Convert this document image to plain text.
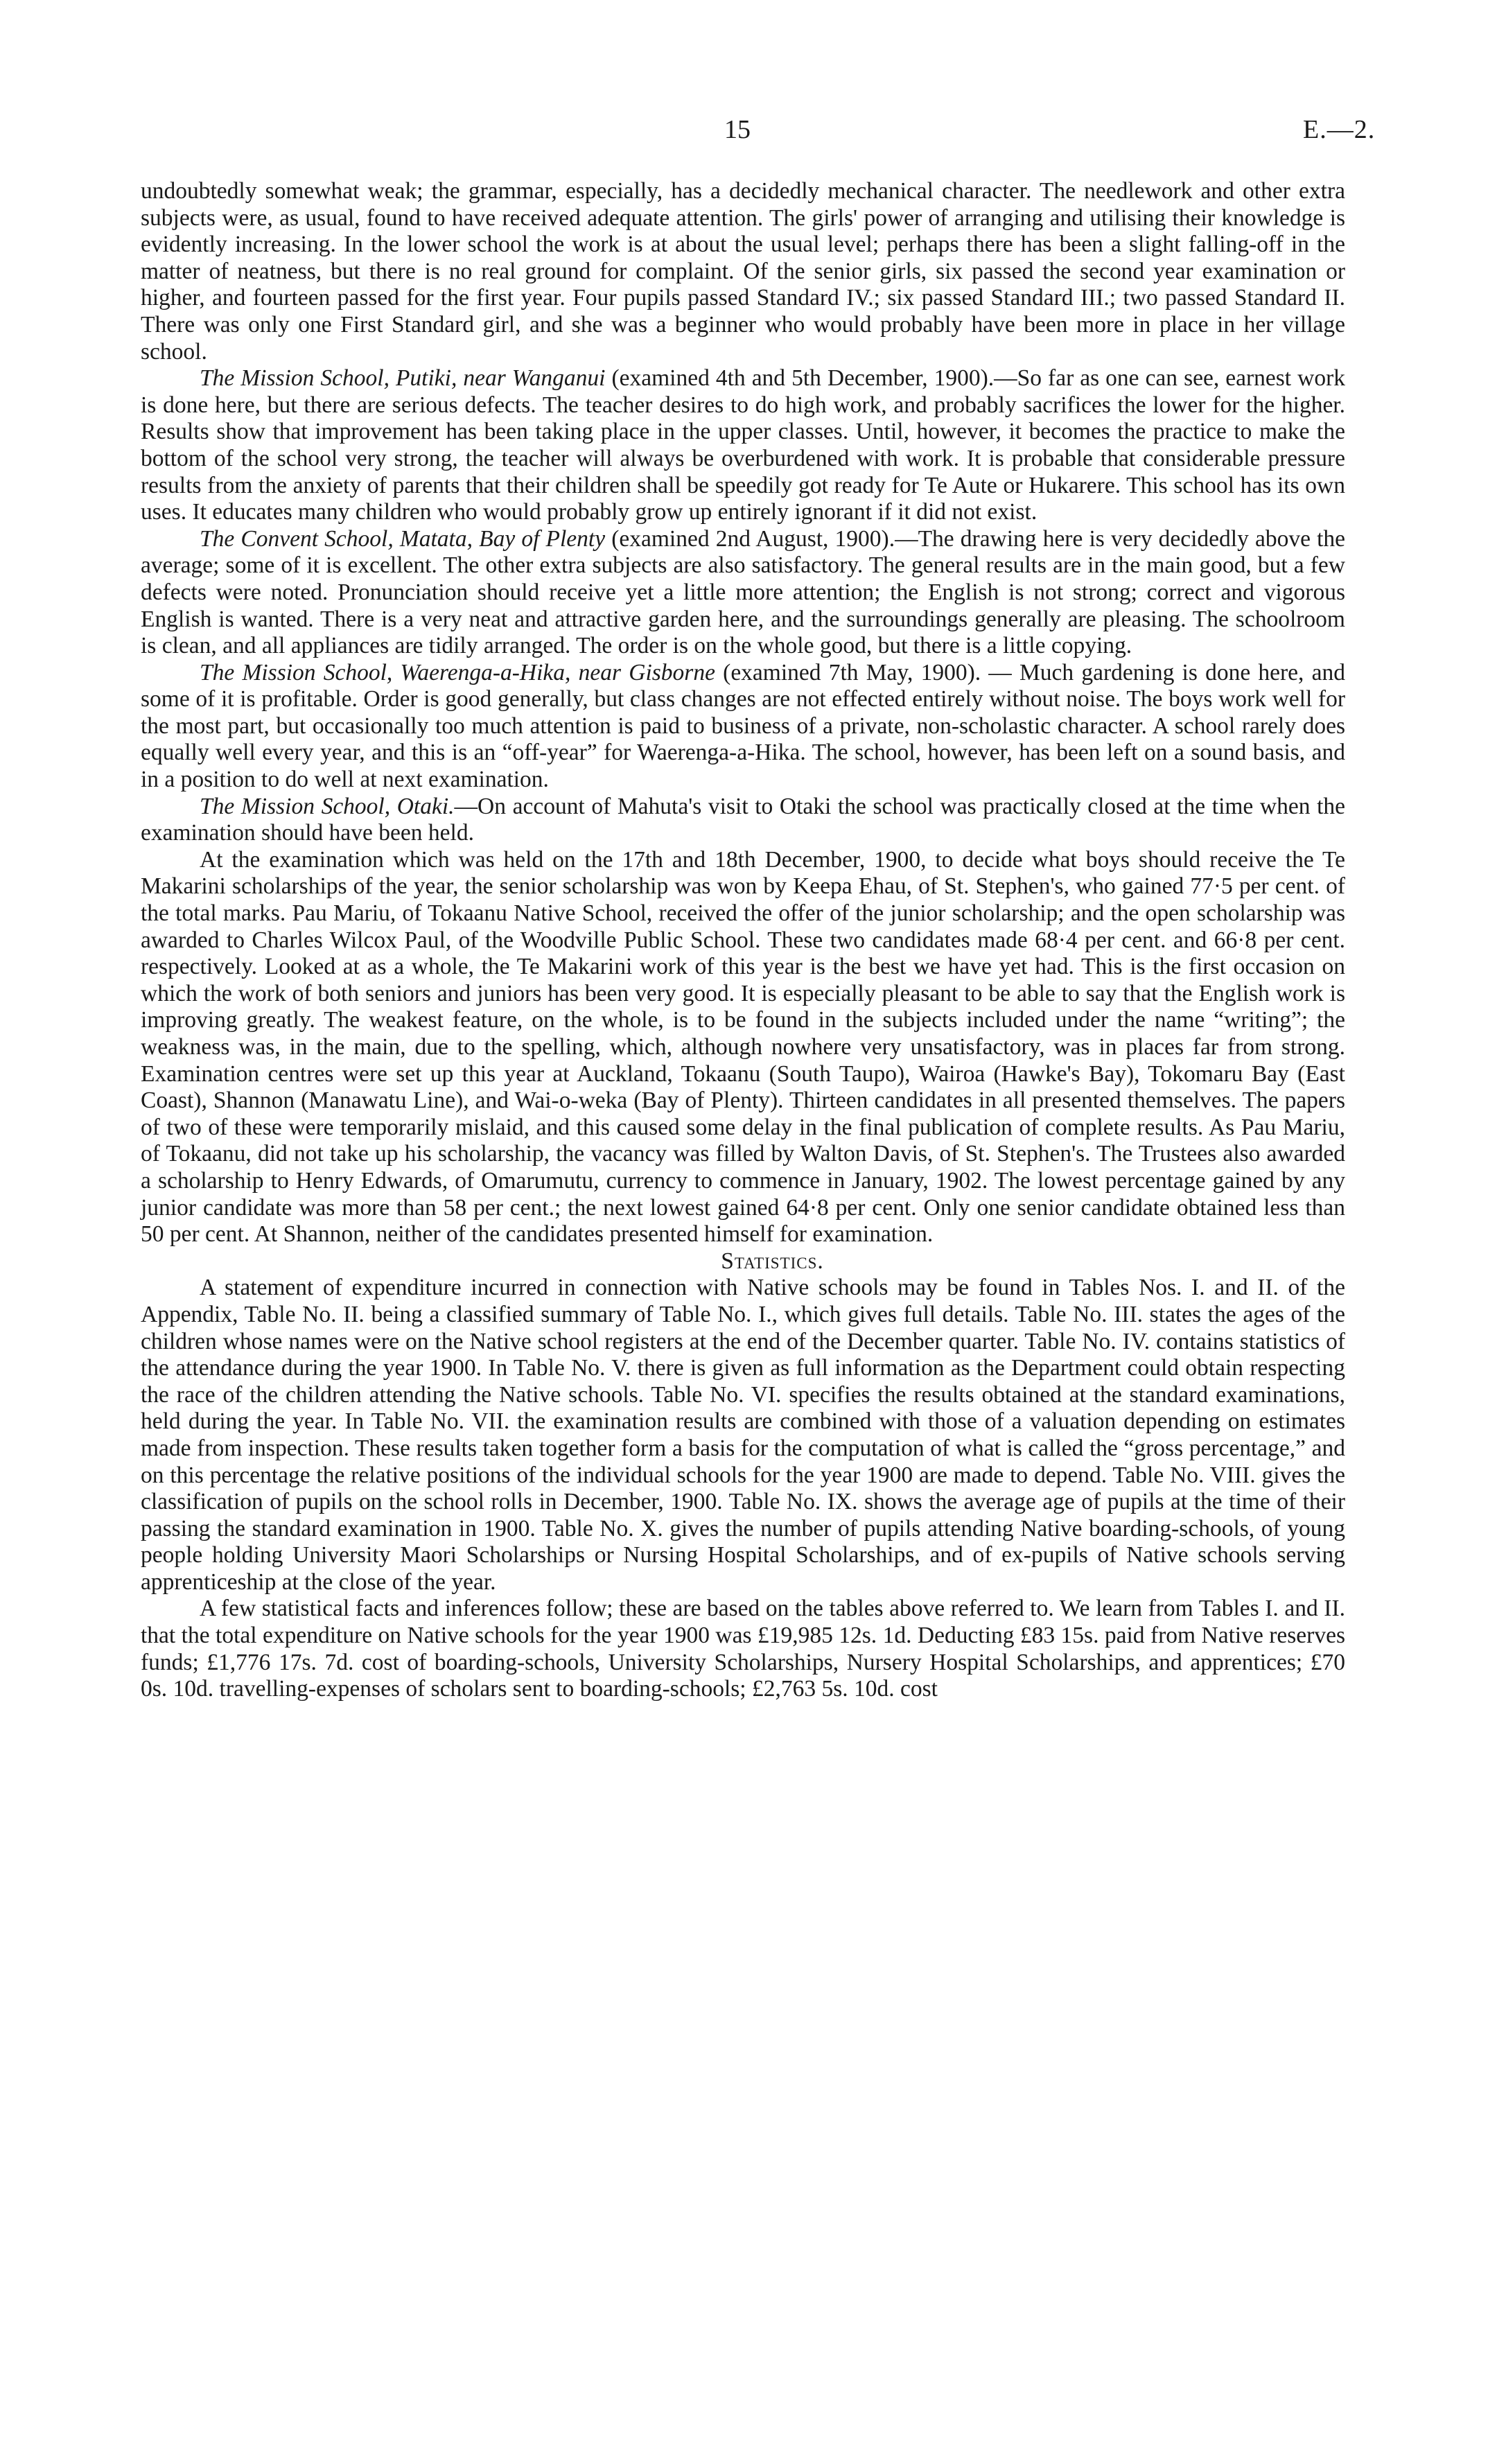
15	E.—2.

undoubtedly somewhat weak; the grammar, especially, has a decidedly mechanical character. The needlework and other extra subjects were, as usual, found to have received adequate attention. The girls' power of arranging and utilising their knowledge is evidently increasing. In the lower school the work is at about the usual level; perhaps there has been a slight falling-off in the matter of neatness, but there is no real ground for complaint. Of the senior girls, six passed the second year examination or higher, and fourteen passed for the first year. Four pupils passed Standard IV.; six passed Standard III.; two passed Standard II. There was only one First Standard girl, and she was a beginner who would probably have been more in place in her village school.

The Mission School, Putiki, near Wanganui (examined 4th and 5th December, 1900).—So far as one can see, earnest work is done here, but there are serious defects. The teacher desires to do high work, and probably sacrifices the lower for the higher. Results show that improvement has been taking place in the upper classes. Until, however, it becomes the practice to make the bottom of the school very strong, the teacher will always be overburdened with work. It is probable that considerable pressure results from the anxiety of parents that their children shall be speedily got ready for Te Aute or Hukarere. This school has its own uses. It educates many children who would probably grow up entirely ignorant if it did not exist.

The Convent School, Matata, Bay of Plenty (examined 2nd August, 1900).—The drawing here is very decidedly above the average; some of it is excellent. The other extra subjects are also satisfactory. The general results are in the main good, but a few defects were noted. Pronunciation should receive yet a little more attention; the English is not strong; correct and vigorous English is wanted. There is a very neat and attractive garden here, and the surroundings generally are pleasing. The schoolroom is clean, and all appliances are tidily arranged. The order is on the whole good, but there is a little copying.

The Mission School, Waerenga-a-Hika, near Gisborne (examined 7th May, 1900). — Much gardening is done here, and some of it is profitable. Order is good generally, but class changes are not effected entirely without noise. The boys work well for the most part, but occasionally too much attention is paid to business of a private, non-scholastic character. A school rarely does equally well every year, and this is an “off-year” for Waerenga-a-Hika. The school, however, has been left on a sound basis, and in a position to do well at next examination.

The Mission School, Otaki.—On account of Mahuta's visit to Otaki the school was practically closed at the time when the examination should have been held.

At the examination which was held on the 17th and 18th December, 1900, to decide what boys should receive the Te Makarini scholarships of the year, the senior scholarship was won by Keepa Ehau, of St. Stephen's, who gained 77·5 per cent. of the total marks. Pau Mariu, of Tokaanu Native School, received the offer of the junior scholarship; and the open scholarship was awarded to Charles Wilcox Paul, of the Woodville Public School. These two candidates made 68·4 per cent. and 66·8 per cent. respectively. Looked at as a whole, the Te Makarini work of this year is the best we have yet had. This is the first occasion on which the work of both seniors and juniors has been very good. It is especially pleasant to be able to say that the English work is improving greatly. The weakest feature, on the whole, is to be found in the subjects included under the name “writing”; the weakness was, in the main, due to the spelling, which, although nowhere very unsatisfactory, was in places far from strong. Examination centres were set up this year at Auckland, Tokaanu (South Taupo), Wairoa (Hawke's Bay), Tokomaru Bay (East Coast), Shannon (Manawatu Line), and Wai-o-weka (Bay of Plenty). Thirteen candidates in all presented themselves. The papers of two of these were temporarily mislaid, and this caused some delay in the final publication of complete results. As Pau Mariu, of Tokaanu, did not take up his scholarship, the vacancy was filled by Walton Davis, of St. Stephen's. The Trustees also awarded a scholarship to Henry Edwards, of Omarumutu, currency to commence in January, 1902. The lowest percentage gained by any junior candidate was more than 58 per cent.; the next lowest gained 64·8 per cent. Only one senior candidate obtained less than 50 per cent. At Shannon, neither of the candidates presented himself for examination.

Statistics.

A statement of expenditure incurred in connection with Native schools may be found in Tables Nos. I. and II. of the Appendix, Table No. II. being a classified summary of Table No. I., which gives full details. Table No. III. states the ages of the children whose names were on the Native school registers at the end of the December quarter. Table No. IV. contains statistics of the attendance during the year 1900. In Table No. V. there is given as full information as the Department could obtain respecting the race of the children attending the Native schools. Table No. VI. specifies the results obtained at the standard examinations, held during the year. In Table No. VII. the examination results are combined with those of a valuation depending on estimates made from inspection. These results taken together form a basis for the computation of what is called the “gross percentage,” and on this percentage the relative positions of the individual schools for the year 1900 are made to depend. Table No. VIII. gives the classification of pupils on the school rolls in December, 1900. Table No. IX. shows the average age of pupils at the time of their passing the standard examination in 1900. Table No. X. gives the number of pupils attending Native boarding-schools, of young people holding University Maori Scholarships or Nursing Hospital Scholarships, and of ex-pupils of Native schools serving apprenticeship at the close of the year.

A few statistical facts and inferences follow; these are based on the tables above referred to. We learn from Tables I. and II. that the total expenditure on Native schools for the year 1900 was £19,985 12s. 1d. Deducting £83 15s. paid from Native reserves funds; £1,776 17s. 7d. cost of boarding-schools, University Scholarships, Nursery Hospital Scholarships, and apprentices; £70 0s. 10d. travelling-expenses of scholars sent to boarding-schools; £2,763 5s. 10d. cost
